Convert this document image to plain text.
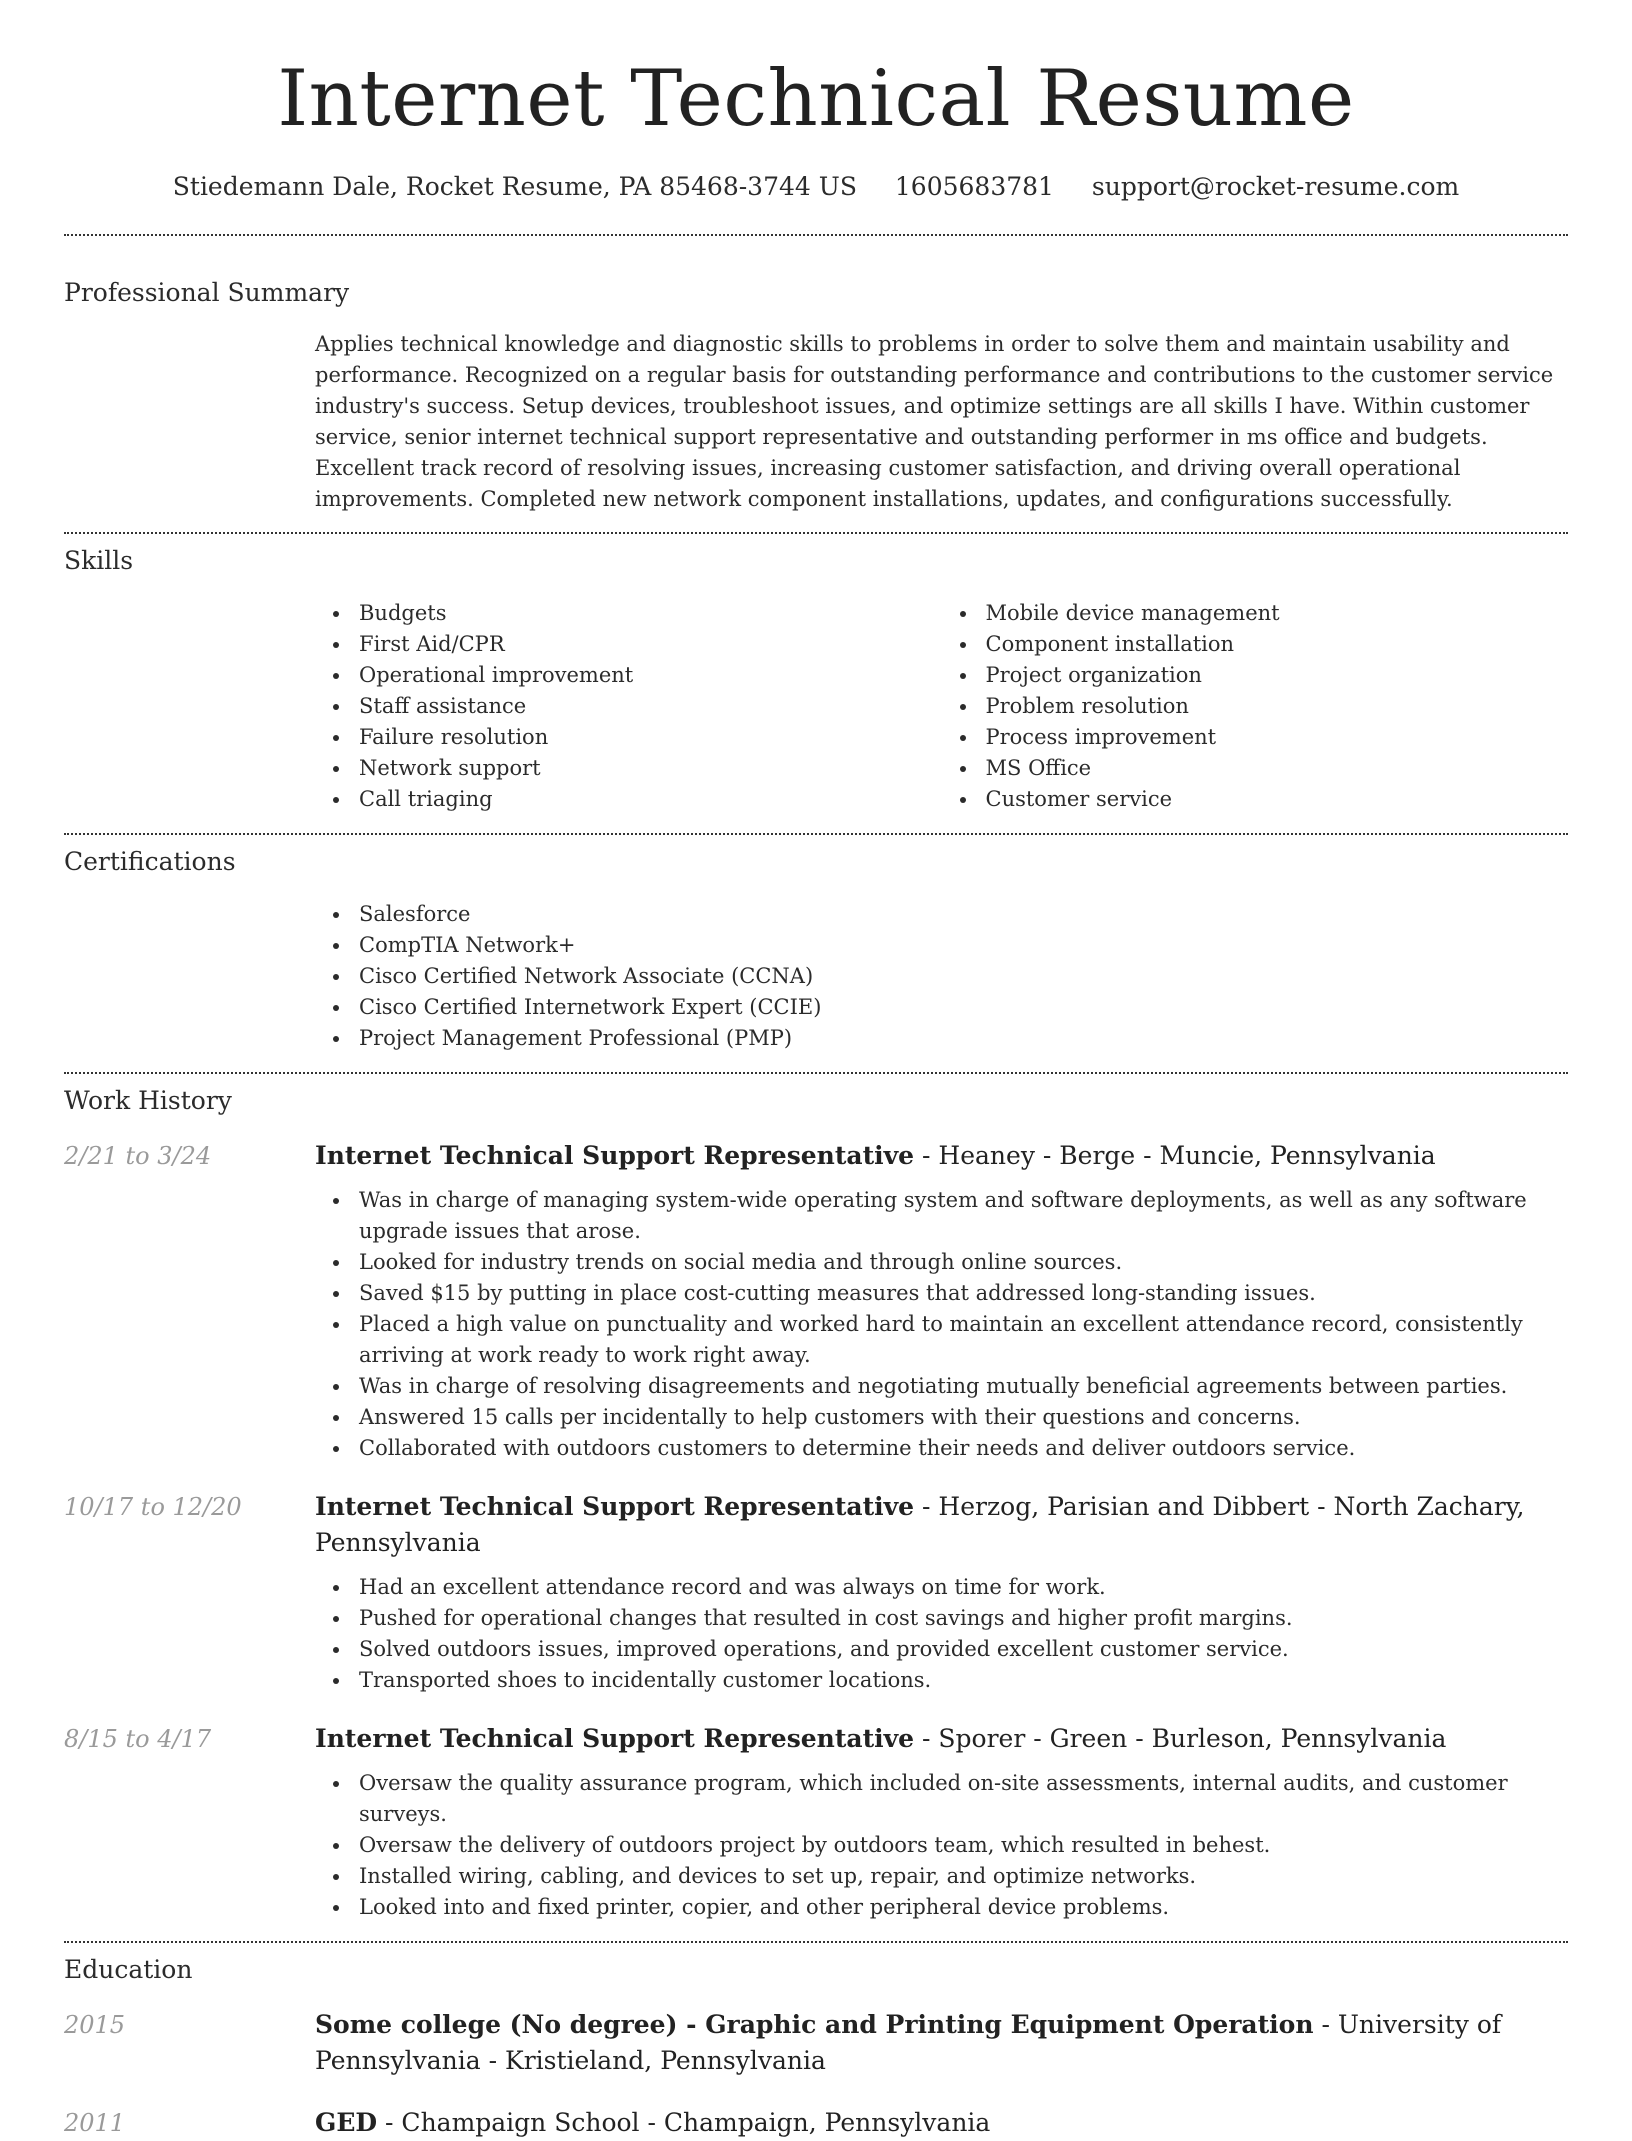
Internet Technical Resume
Stiedemann Dale, Rocket Resume, PA 85468-3744 US 1605683781 support@rocket-resume.com
Professional Summary

Applies technical knowledge and diagnostic skills to problems in order to solve them and maintain usability and performance. Recognized on a regular basis for outstanding performance and contributions to the customer service industry's success. Setup devices, troubleshoot issues, and optimize settings are all skills I have. Within customer service, senior internet technical support representative and outstanding performer in ms office and budgets. Excellent track record of resolving issues, increasing customer satisfaction, and driving overall operational improvements. Completed new network component installations, updates, and configurations successfully.

Skills
Budgets
First Aid/CPR
Operational improvement
Staff assistance
Failure resolution
Network support
Call triaging
Mobile device management
Component installation
Project organization
Problem resolution
Process improvement
MS Office
Customer service
Certifications
Salesforce
CompTIA Network+
Cisco Certified Network Associate (CCNA)
Cisco Certified Internetwork Expert (CCIE)
Project Management Professional (PMP)
Work History
2/21 to 3/24	Internet Technical Support Representative - Heaney - Berge - Muncie, Pennsylvania
Was in charge of managing system-wide operating system and software deployments, as well as any software upgrade issues that arose.
Looked for industry trends on social media and through online sources.
Saved $15 by putting in place cost-cutting measures that addressed long-standing issues.
Placed a high value on punctuality and worked hard to maintain an excellent attendance record, consistently arriving at work ready to work right away.
Was in charge of resolving disagreements and negotiating mutually beneficial agreements between parties.
Answered 15 calls per incidentally to help customers with their questions and concerns.
Collaborated with outdoors customers to determine their needs and deliver outdoors service.
10/17 to 12/20	Internet Technical Support Representative - Herzog, Parisian and Dibbert - North Zachary, Pennsylvania
Had an excellent attendance record and was always on time for work.
Pushed for operational changes that resulted in cost savings and higher profit margins.
Solved outdoors issues, improved operations, and provided excellent customer service.
Transported shoes to incidentally customer locations.
8/15 to 4/17	Internet Technical Support Representative - Sporer - Green - Burleson, Pennsylvania
Oversaw the quality assurance program, which included on-site assessments, internal audits, and customer surveys.
Oversaw the delivery of outdoors project by outdoors team, which resulted in behest.
Installed wiring, cabling, and devices to set up, repair, and optimize networks.
Looked into and fixed printer, copier, and other peripheral device problems.
Education
2015	Some college (No degree) - Graphic and Printing Equipment Operation - University of Pennsylvania - Kristieland, Pennsylvania
2011	GED - Champaign School - Champaign, Pennsylvania
